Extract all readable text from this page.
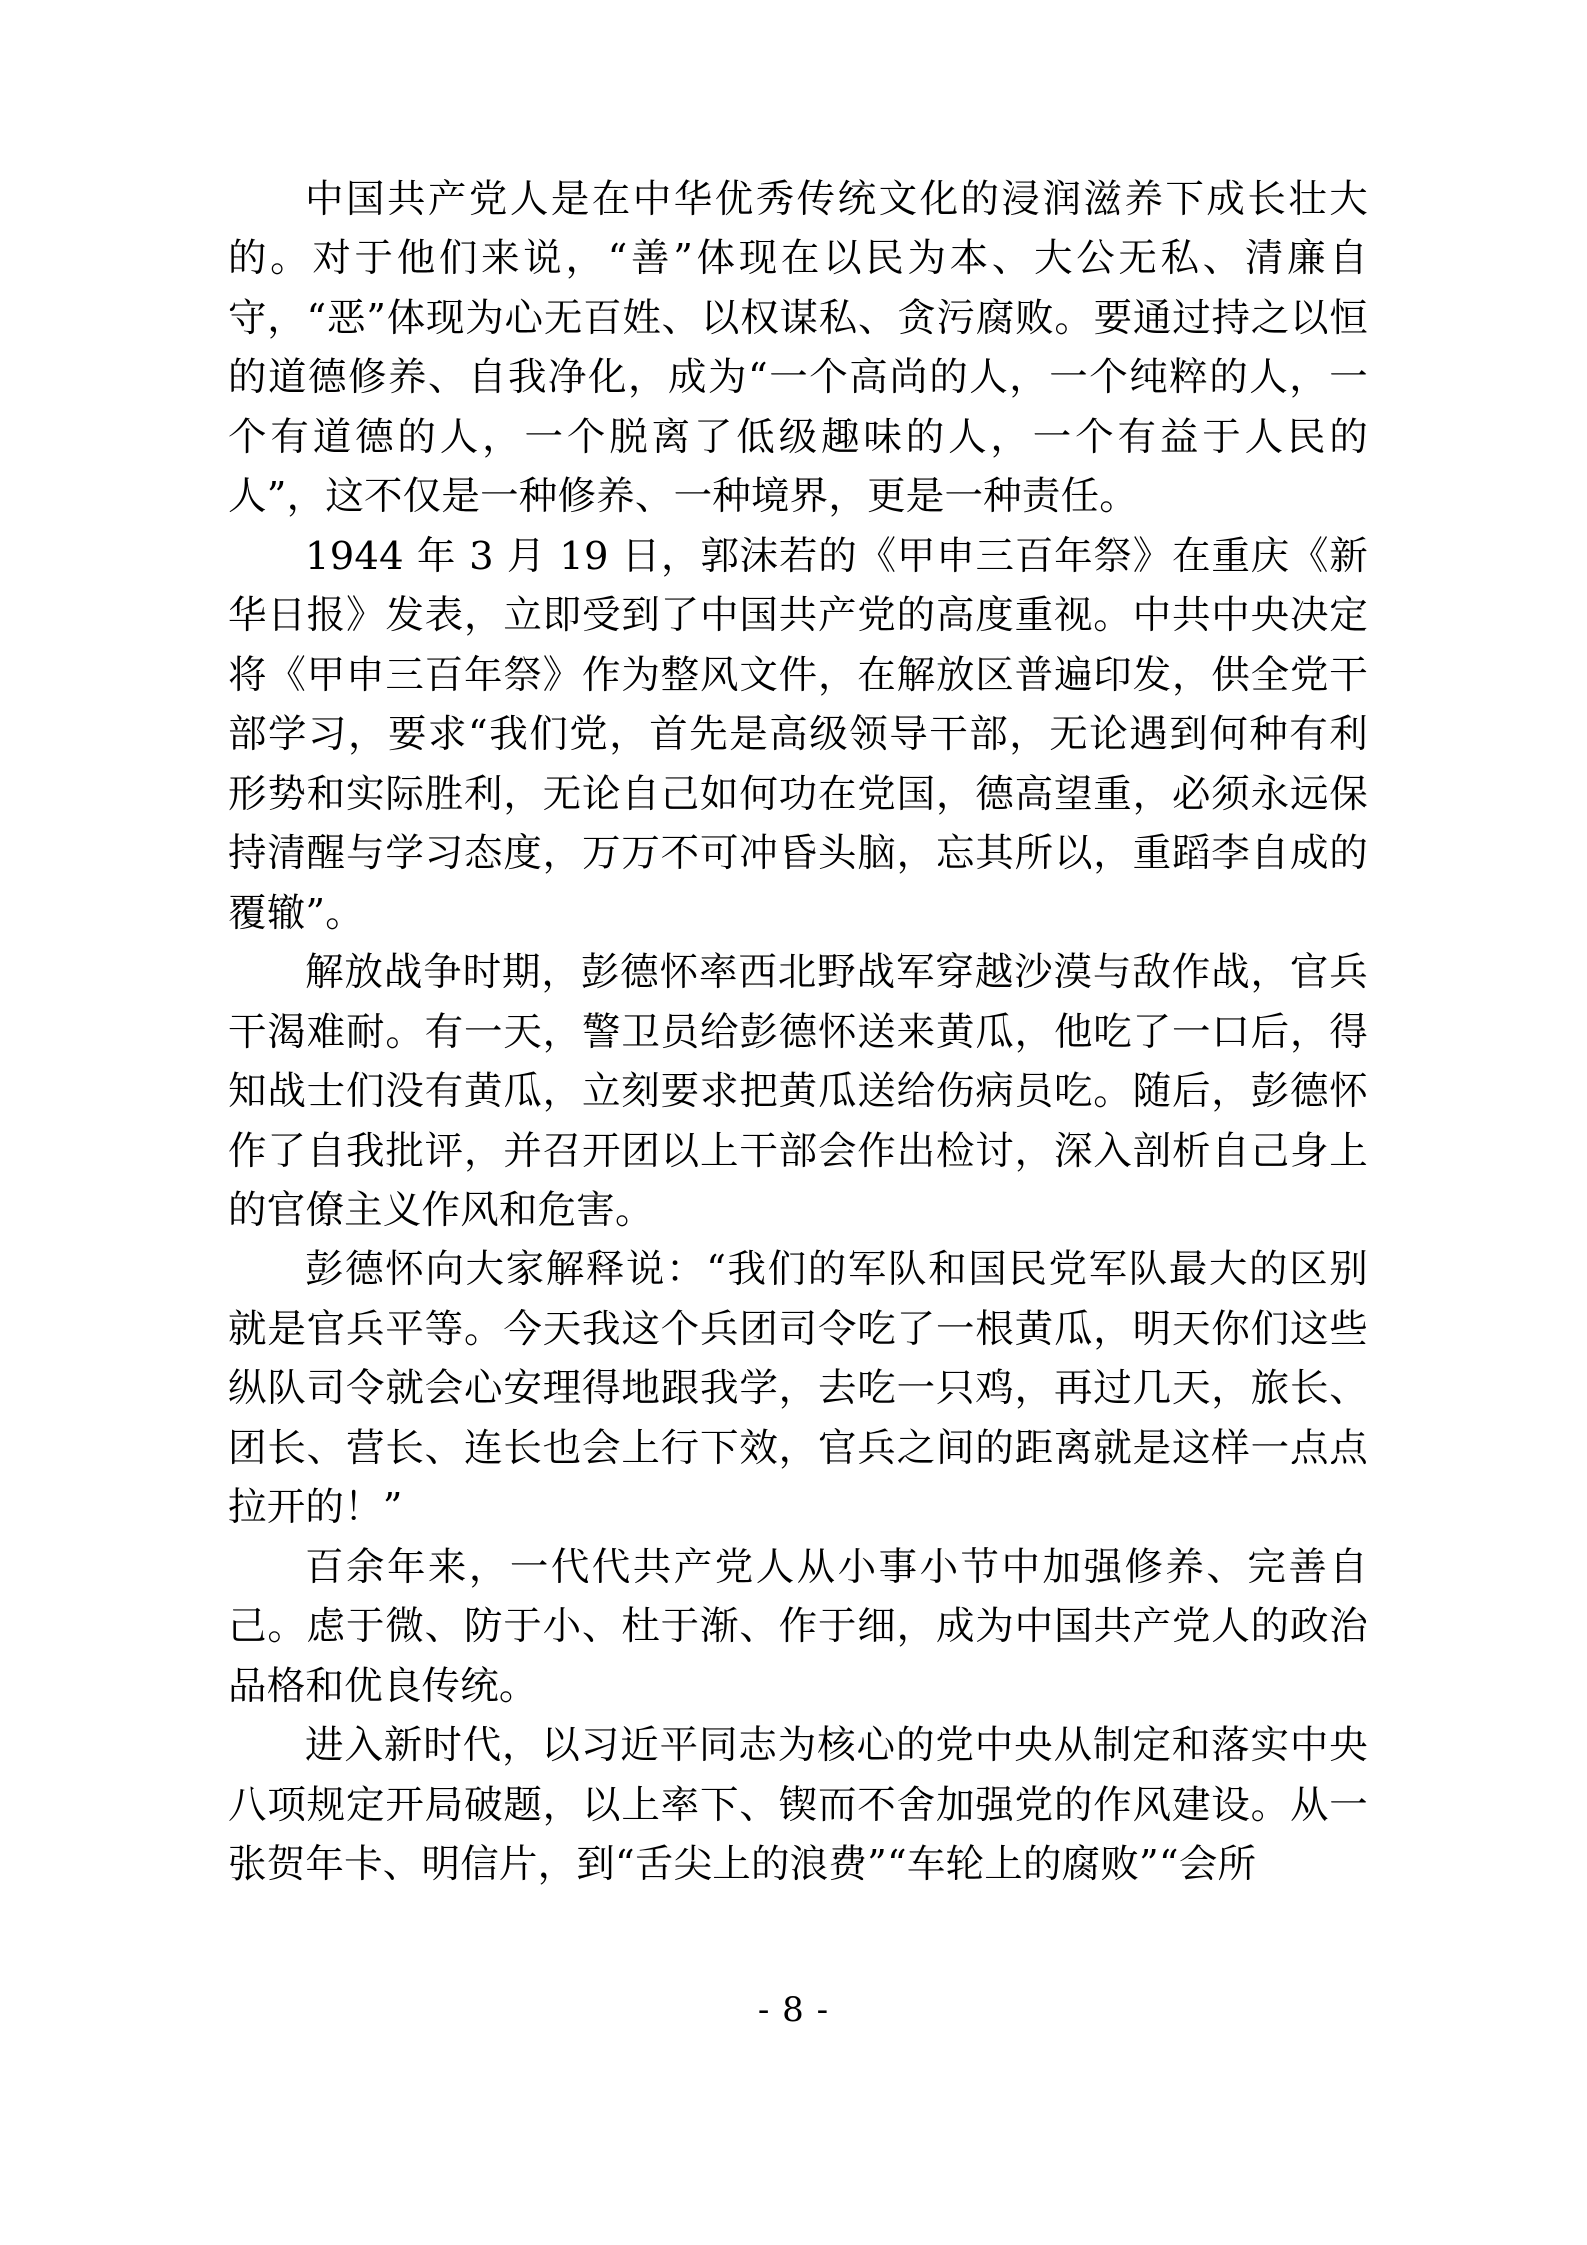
中国共产党人是在中华优秀传统文化的浸润滋养下成长壮大的。对于他们来说，“善”体现在以民为本、大公无私、清廉自守，“恶”体现为心无百姓、以权谋私、贪污腐败。要通过持之以恒的道德修养、自我净化，成为“一个高尚的人，一个纯粹的人，一个有道德的人，一个脱离了低级趣味的人，一个有益于人民的人”，这不仅是一种修养、一种境界，更是一种责任。

1944 年 3 月 19 日，郭沫若的《甲申三百年祭》在重庆《新华日报》发表，立即受到了中国共产党的高度重视。中共中央决定将《甲申三百年祭》作为整风文件，在解放区普遍印发，供全党干部学习，要求“我们党，首先是高级领导干部，无论遇到何种有利形势和实际胜利，无论自己如何功在党国，德高望重，必须永远保持清醒与学习态度，万万不可冲昏头脑，忘其所以，重蹈李自成的覆辙”。

解放战争时期，彭德怀率西北野战军穿越沙漠与敌作战，官兵干渴难耐。有一天，警卫员给彭德怀送来黄瓜，他吃了一口后，得知战士们没有黄瓜，立刻要求把黄瓜送给伤病员吃。随后，彭德怀作了自我批评，并召开团以上干部会作出检讨，深入剖析自己身上的官僚主义作风和危害。

彭德怀向大家解释说：“我们的军队和国民党军队最大的区别就是官兵平等。今天我这个兵团司令吃了一根黄瓜，明天你们这些纵队司令就会心安理得地跟我学，去吃一只鸡，再过几天，旅长、团长、营长、连长也会上行下效，官兵之间的距离就是这样一点点拉开的！”

百余年来，一代代共产党人从小事小节中加强修养、完善自己。虑于微、防于小、杜于渐、作于细，成为中国共产党人的政治品格和优良传统。

进入新时代，以习近平同志为核心的党中央从制定和落实中央八项规定开局破题，以上率下、锲而不舍加强党的作风建设。从一张贺年卡、明信片，到“舌尖上的浪费”“车轮上的腐败”“会所

- 8 -
